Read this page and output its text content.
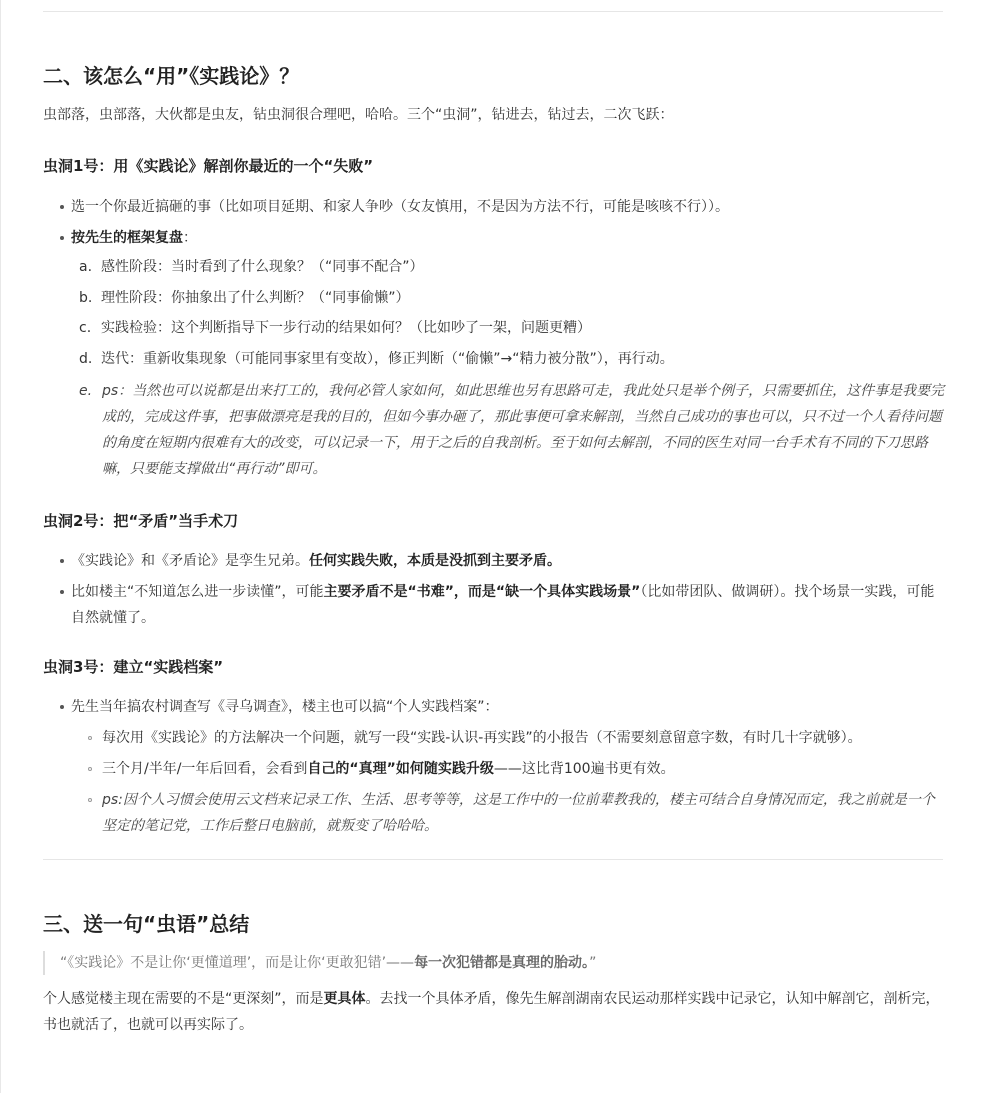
二、该怎么“用”《实践论》？
虫部落，虫部落，大伙都是虫友，钻虫洞很合理吧，哈哈。三个“虫洞”，钻进去，钻过去，二次飞跃：
虫洞1号：用《实践论》解剖你最近的一个“失败”
选一个你最近搞砸的事（比如项目延期、和家人争吵（女友慎用，不是因为方法不行，可能是咳咳不行））。
按先生的框架复盘：
a. 感性阶段：当时看到了什么现象？（“同事不配合”）
b. 理性阶段：你抽象出了什么判断？（“同事偷懒”）
c. 实践检验：这个判断指导下一步行动的结果如何？（比如吵了一架，问题更糟）
d. 迭代：重新收集现象（可能同事家里有变故），修正判断（“偷懒”→“精力被分散”），再行动。
e. ps：当然也可以说都是出来打工的，我何必管人家如何，如此思维也另有思路可走，我此处只是举个例子，只需要抓住，这件事是我要完成的，完成这件事，把事做漂亮是我的目的，但如今事办砸了，那此事便可拿来解剖，当然自己成功的事也可以，只不过一个人看待问题的角度在短期内很难有大的改变，可以记录一下，用于之后的自我剖析。至于如何去解剖，不同的医生对同一台手术有不同的下刀思路嘛，只要能支撑做出“再行动”即可。
虫洞2号：把“矛盾”当手术刀
《实践论》和《矛盾论》是孪生兄弟。任何实践失败，本质是没抓到主要矛盾。
比如楼主“不知道怎么进一步读懂”，可能主要矛盾不是“书难”，而是“缺一个具体实践场景”（比如带团队、做调研）。找个场景一实践，可能自然就懂了。
虫洞3号：建立“实践档案”
先生当年搞农村调查写《寻乌调查》，楼主也可以搞“个人实践档案”：
每次用《实践论》的方法解决一个问题，就写一段“实践-认识-再实践”的小报告（不需要刻意留意字数，有时几十字就够）。
三个月/半年/一年后回看，会看到自己的“真理”如何随实践升级——这比背100遍书更有效。
ps:因个人习惯会使用云文档来记录工作、生活、思考等等，这是工作中的一位前辈教我的，楼主可结合自身情况而定，我之前就是一个坚定的笔记党，工作后整日电脑前，就叛变了哈哈哈。
三、送一句“虫语”总结
“《实践论》不是让你‘更懂道理’，而是让你‘更敢犯错’——每一次犯错都是真理的胎动。”
个人感觉楼主现在需要的不是“更深刻”，而是更具体。去找一个具体矛盾，像先生解剖湖南农民运动那样实践中记录它，认知中解剖它，剖析完，书也就活了，也就可以再实际了。
